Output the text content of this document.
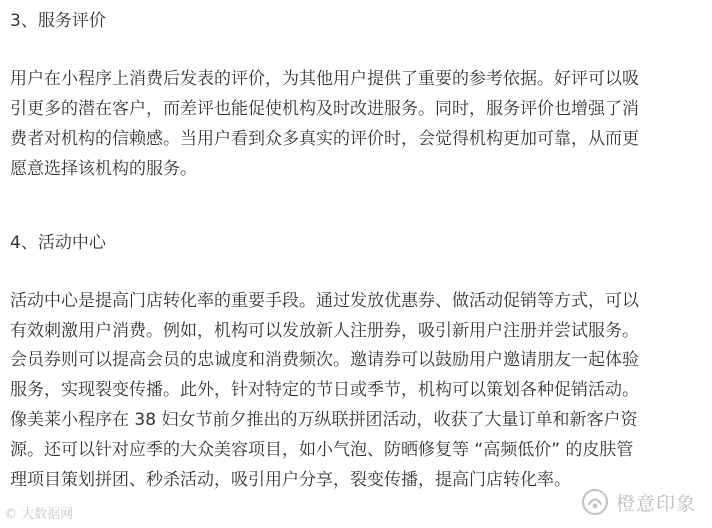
3、服务评价
用户在小程序上消费后发表的评价，为其他用户提供了重要的参考依据。好评可以吸
引更多的潜在客户，而差评也能促使机构及时改进服务。同时，服务评价也增强了消
费者对机构的信赖感。当用户看到众多真实的评价时，会觉得机构更加可靠，从而更
愿意选择该机构的服务。
4、活动中心
活动中心是提高门店转化率的重要手段。通过发放优惠券、做活动促销等方式，可以
有效刺激用户消费。例如，机构可以发放新人注册券，吸引新用户注册并尝试服务。
会员券则可以提高会员的忠诚度和消费频次。邀请券可以鼓励用户邀请朋友一起体验
服务，实现裂变传播。此外，针对特定的节日或季节，机构可以策划各种促销活动。
像美莱小程序在 38 妇女节前夕推出的万纵联拼团活动，收获了大量订单和新客户资
源。还可以针对应季的大众美容项目，如小气泡、防晒修复等 “高频低价” 的皮肤管
理项目策划拼团、秒杀活动，吸引用户分享，裂变传播，提高门店转化率。
© 大数据网	橙意印象
